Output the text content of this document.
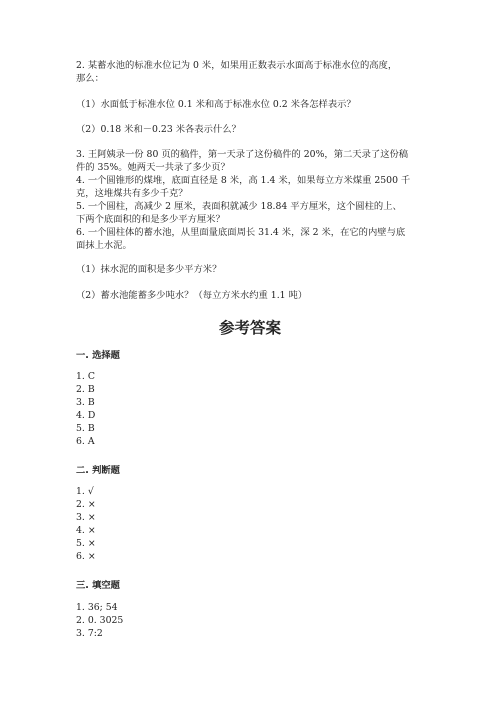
2. 某蓄水池的标准水位记为 0 米，如果用正数表示水面高于标准水位的高度，
那么：
（1）水面低于标准水位 0.1 米和高于标准水位 0.2 米各怎样表示？
（2）0.18 米和－0.23 米各表示什么？
3. 王阿姨录一份 80 页的稿件，第一天录了这份稿件的 20%，第二天录了这份稿
件的 35%。她两天一共录了多少页？
4. 一个圆锥形的煤堆，底面直径是 8 米，高 1.4 米，如果每立方米煤重 2500 千
克，这堆煤共有多少千克？
5. 一个圆柱，高减少 2 厘米，表面积就减少 18.84 平方厘米，这个圆柱的上、
下两个底面积的和是多少平方厘米？
6. 一个圆柱体的蓄水池，从里面量底面周长 31.4 米，深 2 米，在它的内壁与底
面抹上水泥。
（1）抹水泥的面积是多少平方米？
（2）蓄水池能蓄多少吨水？（每立方米水约重 1.1 吨）
参考答案
一. 选择题
1. C
2. B
3. B
4. D
5. B
6. A
二. 判断题
1. √
2. ×
3. ×
4. ×
5. ×
6. ×
三. 填空题
1. 36; 54
2. 0. 3025
3. 7:2
